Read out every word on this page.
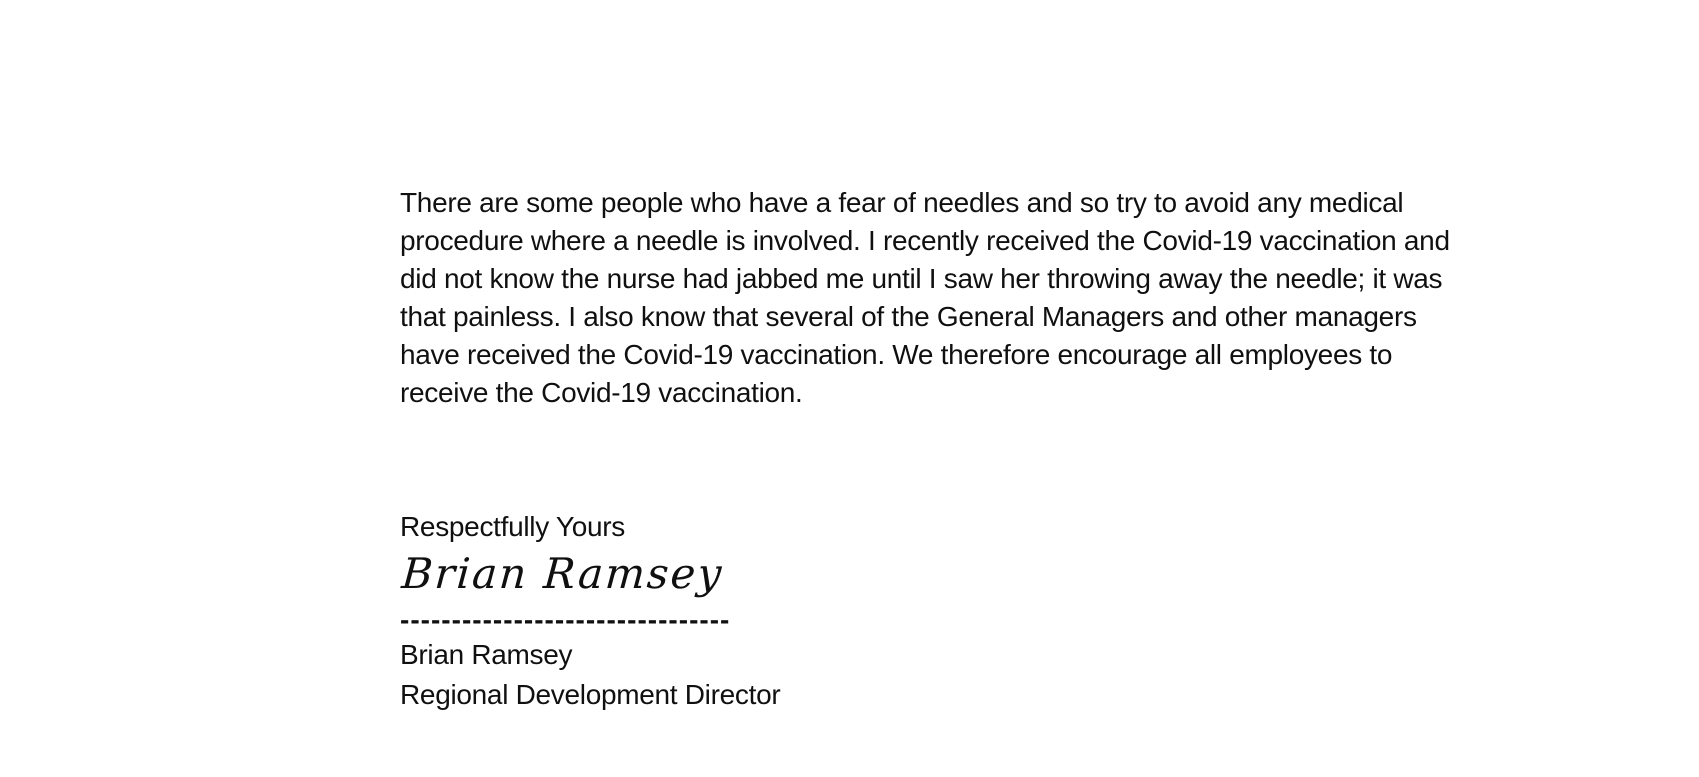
There are some people who have a fear of needles and so try to avoid any medical
procedure where a needle is involved. I recently received the Covid-19 vaccination and
did not know the nurse had jabbed me until I saw her throwing away the needle; it was
that painless. I also know that several of the General Managers and other managers
have received the Covid-19 vaccination. We therefore encourage all employees to
receive the Covid-19 vaccination.
Respectfully Yours
Brian Ramsey
--------------------------------
Brian Ramsey
Regional Development Director
